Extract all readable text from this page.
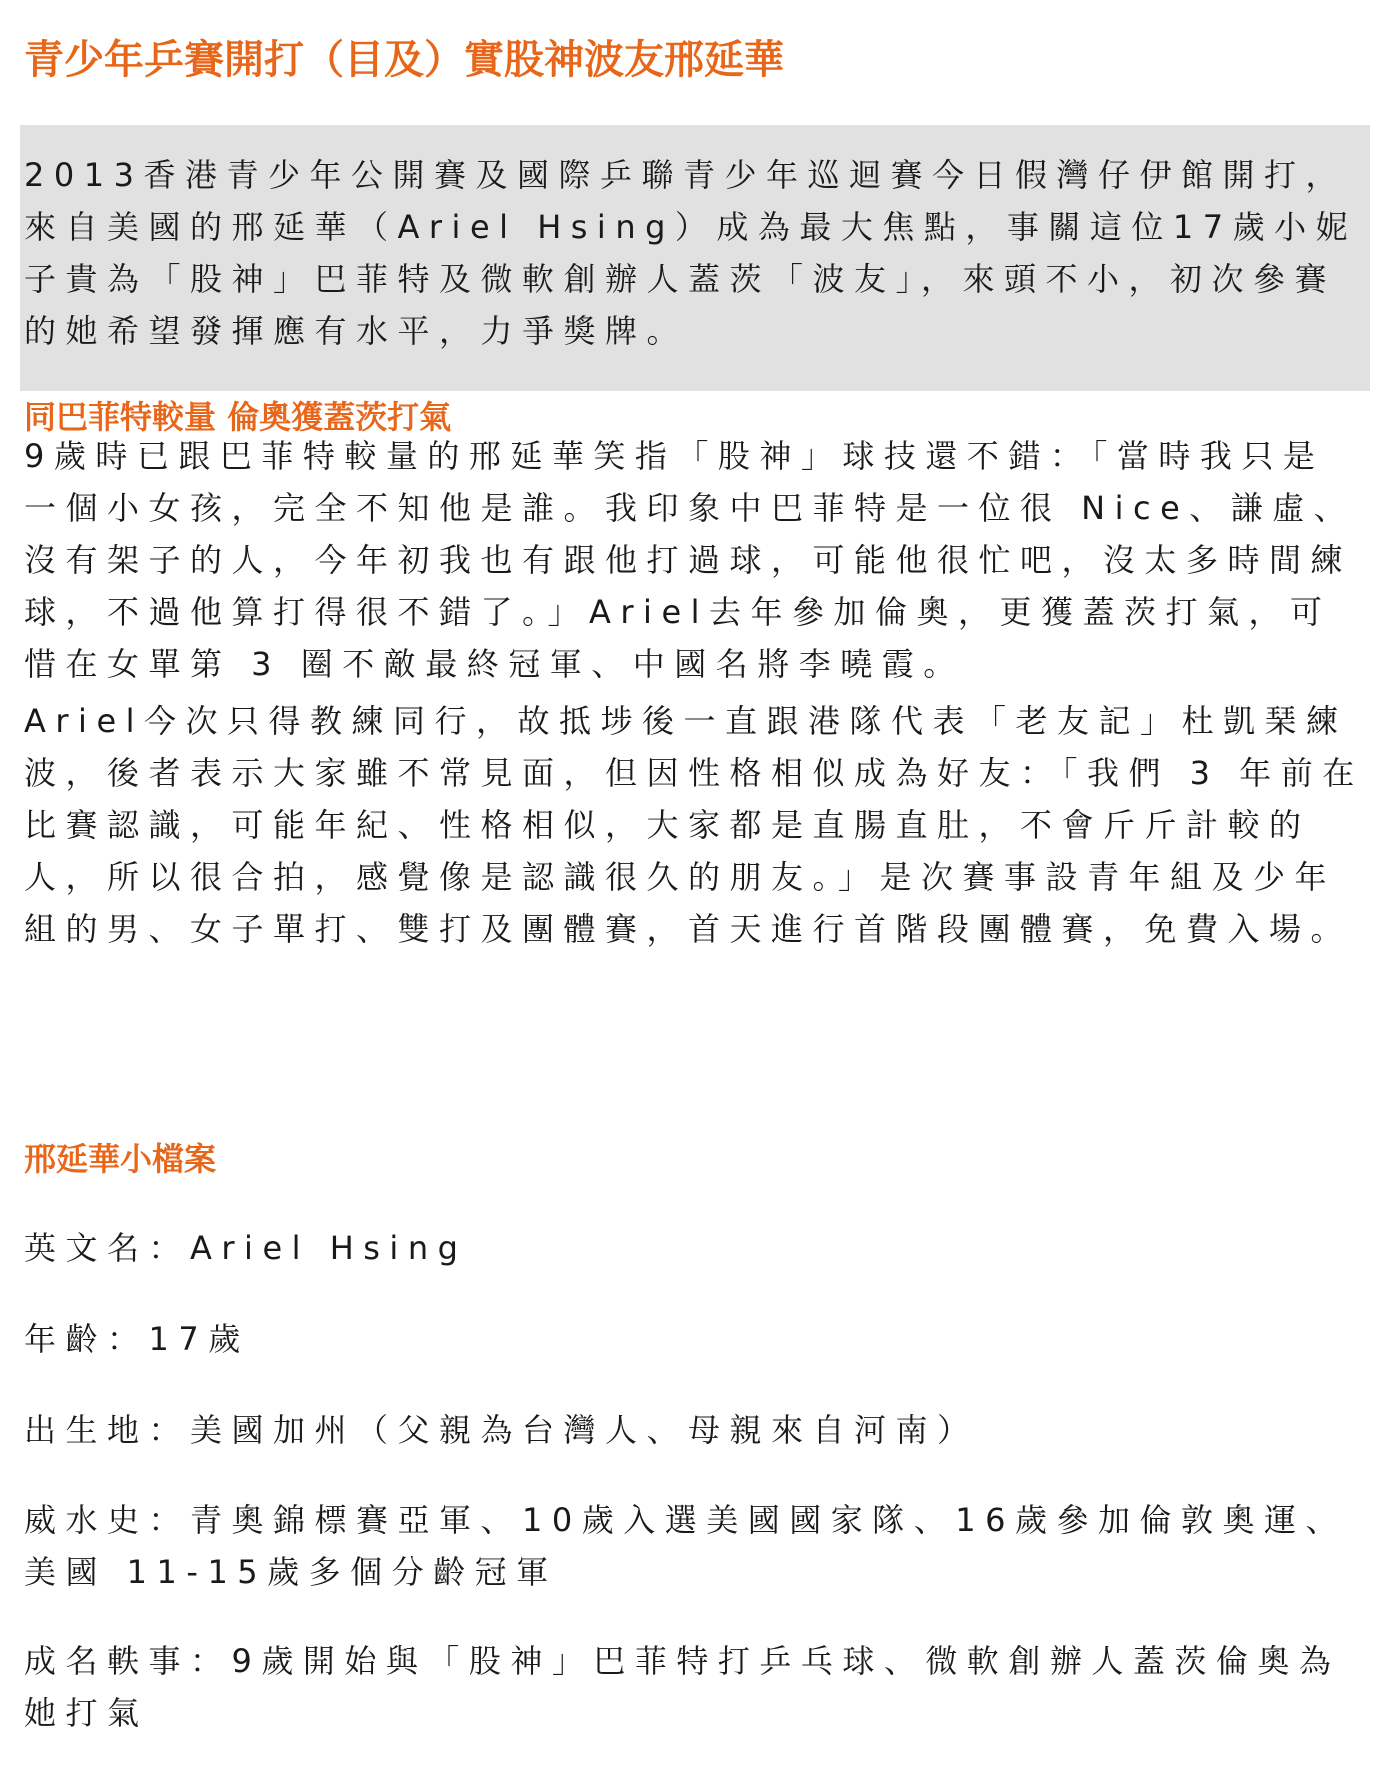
青少年乒賽開打（目及）實股神波友邢延華

2013香港青少年公開賽及國際乒聯青少年巡迴賽今日假灣仔伊館開打，來自美國的邢延華（Ariel Hsing）成為最大焦點，事關這位17歲小妮子貴為「股神」巴菲特及微軟創辦人蓋茨「波友」，來頭不小，初次參賽的她希望發揮應有水平，力爭獎牌。

同巴菲特較量 倫奧獲蓋茨打氣

9歲時已跟巴菲特較量的邢延華笑指「股神」球技還不錯：「當時我只是一個小女孩，完全不知他是誰。我印象中巴菲特是一位很 Nice、謙虛、沒有架子的人，今年初我也有跟他打過球，可能他很忙吧，沒太多時間練球，不過他算打得很不錯了。」Ariel去年參加倫奧，更獲蓋茨打氣，可惜在女單第 3 圈不敵最終冠軍、中國名將李曉霞。

Ariel今次只得教練同行，故抵埗後一直跟港隊代表「老友記」杜凱琹練波，後者表示大家雖不常見面，但因性格相似成為好友：「我們 3 年前在比賽認識，可能年紀、性格相似，大家都是直腸直肚，不會斤斤計較的人，所以很合拍，感覺像是認識很久的朋友。」是次賽事設青年組及少年組的男、女子單打、雙打及團體賽，首天進行首階段團體賽，免費入場。

邢延華小檔案

英文名：Ariel Hsing

年齡：17歲

出生地：美國加州（父親為台灣人、母親來自河南）

威水史：青奧錦標賽亞軍、10歲入選美國國家隊、16歲參加倫敦奧運、美國 11-15歲多個分齡冠軍

成名軼事：9歲開始與「股神」巴菲特打乒乓球、微軟創辦人蓋茨倫奧為她打氣
